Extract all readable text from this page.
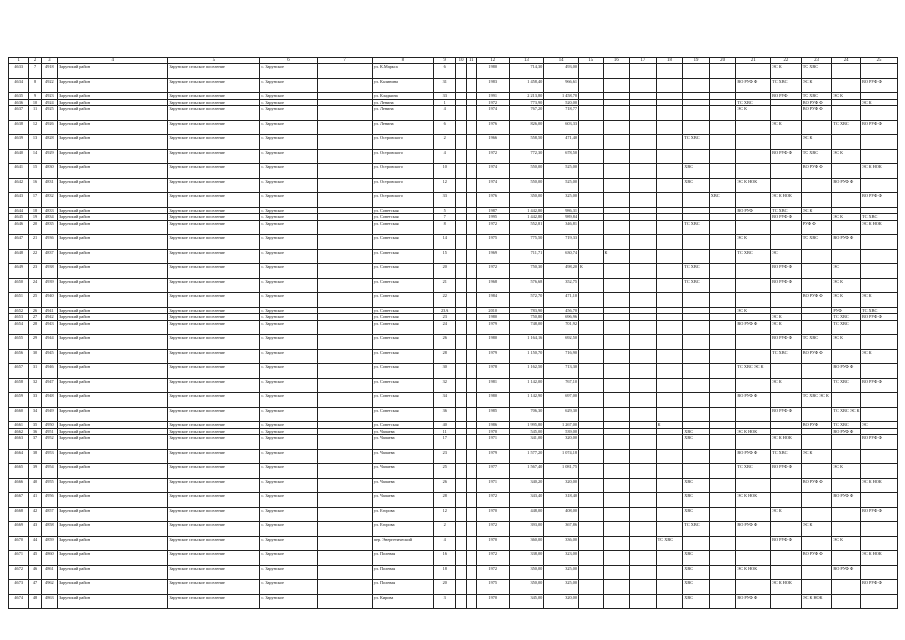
1	2	3	4	5	6	7	8	9	10	11	12	13	14	15	16	17	18	19	20	21	22	23	24	25
4633	7	4918	Зарунский район	Зарунское сельское поселение	с. Зарунское		ул. К.Маркса	6			1980	714,30	493,00								ЭС К	ТС ХВС		
4634	8	4922	Зарунский район	Зарунское сельское поселение	с. Зарунское		ул. Калинина	31			1983	1 458,40	966,61							ВО РУФ Ф	ТС ХВС	ЭС К		ВО РУФ Ф
4635	9	4923	Зарунский район	Зарунское сельское поселение	с. Зарунское		ул. Кладкина	33			1991	2 213,80	1 458,70								ВО РУФ	ТС ХВС	ЭС К	
4636	10	4924	Зарунский район	Зарунское сельское поселение	с. Зарунское		ул. Ленина	1			1972	773,90	520,00							ТС ХВС		ВО РУФ Ф		ЭС К
4637	11	4925	Зарунский район	Зарунское сельское поселение	с. Зарунское		ул. Ленина	4			1974	767,20	718,77							ЭС К		ВО РУФ Ф		
4638	12	4926	Зарунский район	Зарунское сельское поселение	с. Зарунское		ул. Ленина	6			1976	826,00	603,33								ЭС К		ТС ХВС	ВО РУФ Ф
4639	13	4828	Зарунский район	Зарунское сельское поселение	с. Зарунское		ул. Островского	2			1966	558,50	471,40					ТС ХВС				ЭС К		
4640	14	4929	Зарунский район	Зарунское сельское поселение	с. Зарунское		ул. Островского	4			1972	772,30	678,50								ВО РУФ Ф	ТС ХВС	ЭС К	
4641	15	4830	Зарунский район	Зарунское сельское поселение	с. Зарунское		ул. Островского	10			1974	550,00	525,00					ХВС				ВО РУФ Ф		ЭС К НОК
4642	16	4831	Зарунский район	Зарунское сельское поселение	с. Зарунское		ул. Островского	12			1974	550,00	525,00					ХВС		ЭС К НОК			ВО РУФ Ф	
4643	17	4832	Зарунский район	Зарунское сельское поселение	с. Зарунское		ул. Островского	33			1976	350,00	325,00						ХВС		ЭС К НОК			ВО РУФ Ф
4644	18	4833	Зарунский район	Зарунское сельское поселение	с. Зарунское		ул. Советская	5			1987	1 442,80	986,31							ВО РУФ	ТС ХВС	ЭС К		
4645	19	4834	Зарунский район	Зарунское сельское поселение	с. Зарунское		ул. Советская	7			1995	1 442,80	989,84								ВО РУФ Ф		ЭС К	ТС ХВС
4646	20	4835	Зарунский район	Зарунское сельское поселение	с. Зарунское		ул. Советская	8			1972	552,81	346,81					ТС ХВС				РУФ Ф		ЭС К НОК
4647	21	4936	Зарунский район	Зарунское сельское поселение	с. Зарунское		ул. Советская	14			1975	775,50	719,33							ЭС К		ТС ХВС	ВО РУФ Ф	
4648	22	4837	Зарунский район	Зарунское сельское поселение	с. Зарунское		ул. Советская	15			1969	711,71	630,74		К					ТС ХВС	ЭС			
4649	23	4938	Зарунский район	Зарунское сельское поселение	с. Зарунское		ул. Советская	20			1972	750,30	498,20	К				ТС ХВС			ВО РУФ Ф		ЭС	
4650	24	4939	Зарунский район	Зарунское сельское поселение	с. Зарунское		ул. Советская	21			1968	576,68	352,75					ТС ХВС			ВО РУФ Ф		ЭС К	
4651	25	4940	Зарунский район	Зарунское сельское поселение	с. Зарунское		ул. Советская	22			1984	572,70	471,10									ВО РУФ Ф	ЭС К	ЭС К
4652	26	4941	Зарунский район	Зарунское сельское поселение	с. Зарунское		ул. Советская	23А			2010	783,90	456,70							ЭС К			РУФ	ТС ХВС
4653	27	4942	Зарунский район	Зарунское сельское поселение	с. Зарунское		ул. Советская	23			1980	750,80	696,96								ЭС К		ТС ХВС	ВО РУФ Ф
4654	28	4943	Зарунский район	Зарунское сельское поселение	с. Зарунское		ул. Советская	24			1979	748,00	701,92							ВО РУФ Ф	ЭС К		ТС ХВС	
4655	29	4944	Зарунский район	Зарунское сельское поселение	с. Зарунское		ул. Советская	26			1980	1 164,16	692,50								ВО РУФ Ф	ТС ХВС	ЭС К	
4656	30	4945	Зарунский район	Зарунское сельское поселение	с. Зарунское		ул. Советская	28			1979	1 150,70	716,90								ТС ХВС	ВО РУФ Ф		ЭС К
4657	31	4946	Зарунский район	Зарунское сельское поселение	с. Зарунское		ул. Советская	30			1978	1 162,50	713,30							ТС ХВС ЭС К			ВО РУФ Ф	
4658	32	4947	Зарунский район	Зарунское сельское поселение	с. Зарунское		ул. Советская	32			1981	1 142,00	767,10								ЭС К		ТС ХВС	ВО РУФ Ф
4659	33	4948	Зарунский район	Зарунское сельское поселение	с. Зарунское		ул. Советская	34			1980	1 142,90	697,00							ВО РУФ Ф		ТС ХВС ЭС К		
4660	34	4949	Зарунский район	Зарунское сельское поселение	с. Зарунское		ул. Советская	36			1985	706,30	629,30								ВО РУФ Ф		ТС ХВС ЭС К	
4661	35	4950	Зарунский район	Зарунское сельское поселение	с. Зарунское		ул. Советская	40			1986	1 995,80	1 267,00				К					ВО РУФ	ТС ХВС	ЭС
4662	36	4951	Зарунский район	Зарунское сельское поселение	с. Зарунское		ул. Чапаева	11			1970	545,00	539,00					ХВС		ЭС К НОК			ВО РУФ Ф	
4663	37	4952	Зарунский район	Зарунское сельское поселение	с. Зарунское		ул. Чапаева	17			1971	341,00	320,00					ХВС			ЭС К НОК			ВО РУФ Ф
4664	38	4953	Зарунский район	Зарунское сельское поселение	с. Зарунское		ул. Чапаева	23			1979	1 577,20	1 074,18							ВО РУФ Ф	ТС ХВС	ЭС К		
4665	39	4954	Зарунский район	Зарунское сельское поселение	с. Зарунское		ул. Чапаева	25			1977	1 567,40	1 081,75							ТС ХВС	ВО РУФ Ф		ЭС К	
4666	40	4955	Зарунский район	Зарунское сельское поселение	с. Зарунское		ул. Чапаева	26			1971	340,20	320,00					ХВС				ВО РУФ Ф		ЭС К НОК
4667	41	4956	Зарунский район	Зарунское сельское поселение	с. Зарунское		ул. Чапаева	28			1972	343,40	318,40					ХВС		ЭС К НОК			ВО РУФ Ф	
4668	42	4857	Зарунский район	Зарунское сельское поселение	с. Зарунское		ул. Егорова	12			1970	448,00	408,00					ХВС			ЭС К			ВО РУФ Ф
4669	43	4858	Зарунский район	Зарунское сельское поселение	с. Зарунское		ул. Егорова	2			1972	393,00	367,86					ТС ХВС		ВО РУФ Ф		ЭС К		
4670	44	4859	Зарунский район	Зарунское сельское поселение	с. Зарунское		пер. Энергетический	4			1970	360,00	336,00				ТС ХВС				ВО РУФ Ф		ЭС К	
4671	45	4860	Зарунский район	Зарунское сельское поселение	с. Зарунское		ул. Полевая	16			1972	338,00	323,00					ХВС				ВО РУФ Ф		ЭС К НОК
4672	46	4861	Зарунский район	Зарунское сельское поселение	с. Зарунское		ул. Полевая	18			1972	350,00	325,00					ХВС		ЭС К НОК			ВО РУФ Ф	
4673	47	4962	Зарунский район	Зарунское сельское поселение	с. Зарунское		ул. Полевая	20			1975	350,00	325,00					ХВС			ЭС К НОК			ВО РУФ Ф
4674	48	4863	Зарунский район	Зарунское сельское поселение	с. Зарунское		ул. Кирова	3			1970	345,00	320,00					ХВС		ВО РУФ Ф		ЭС К НОК		
